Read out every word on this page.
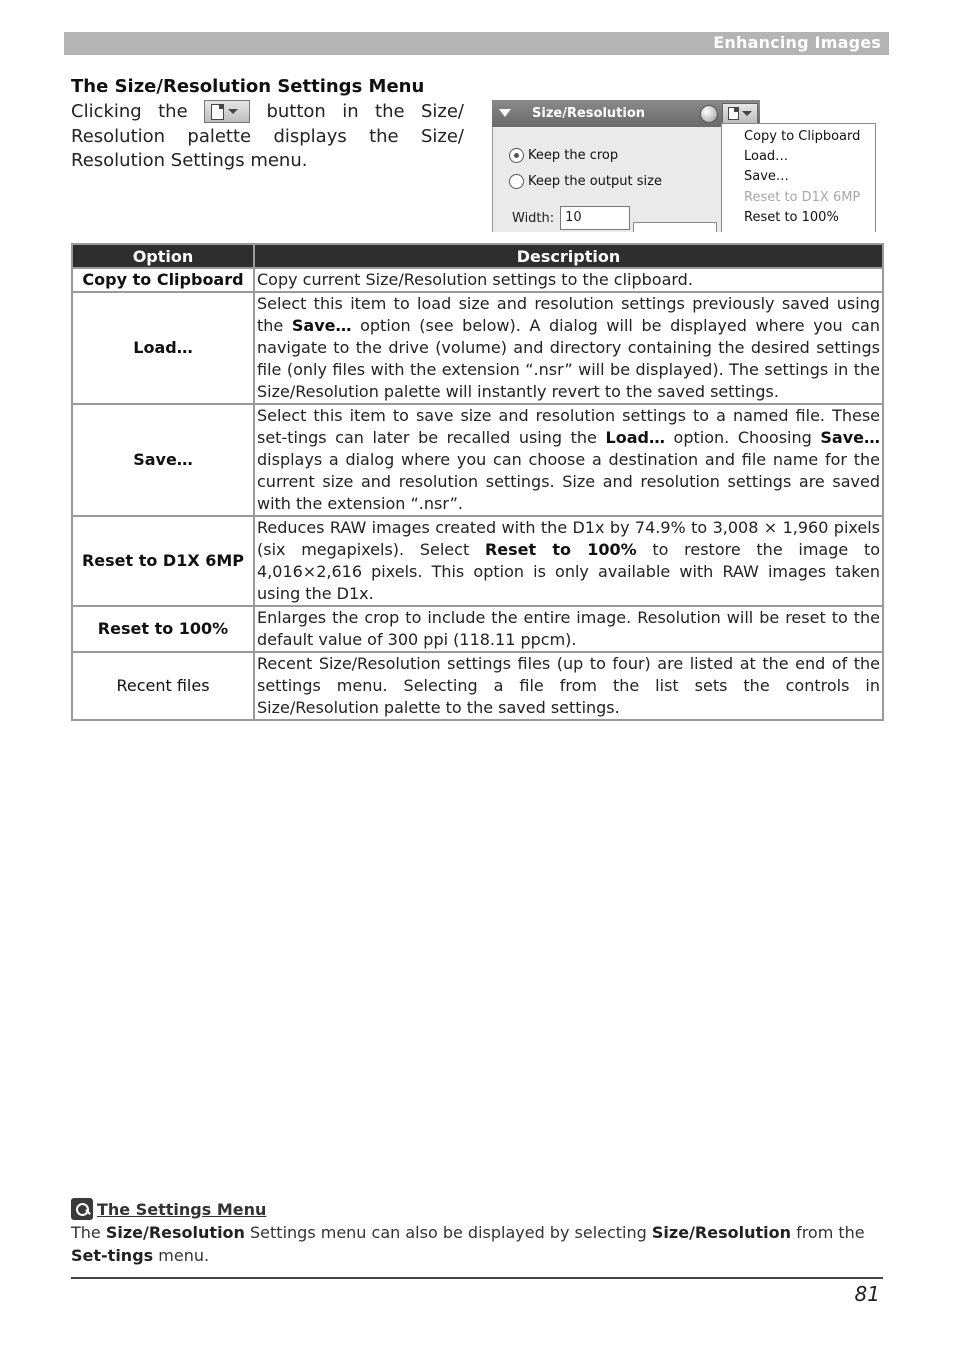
Enhancing Images
The Size/Resolution Settings Menu
Clicking the	button in the Size/
Resolution palette displays the Size/
Resolution Settings menu.	Keep the crop
Keep the output size
Width: 10
Size/Resolution
Copy to Clipboard
Load…
Save…
Reset to D1X 6MP
Reset to 100%
Option	Description
Copy to Clipboard	Copy current Size/Resolution settings to the clipboard.
Load…	Select this item to load size and resolution settings previously saved using the Save… option (see below). A dialog will be displayed where you can navigate to the drive (volume) and directory containing the desired settings file (only files with the extension “.nsr” will be displayed). The settings in the Size/Resolution palette will instantly revert to the saved settings.
Save…	Select this item to save size and resolution settings to a named file. These set-tings can later be recalled using the Load… option. Choosing Save… displays a dialog where you can choose a destination and file name for the current size and resolution settings. Size and resolution settings are saved with the extension “.nsr”.
Reset to D1X 6MP	Reduces RAW images created with the D1x by 74.9% to 3,008 × 1,960 pixels (six megapixels). Select Reset to 100% to restore the image to 4,016×2,616 pixels. This option is only available with RAW images taken using the D1x.
Reset to 100%	Enlarges the crop to include the entire image. Resolution will be reset to the default value of 300 ppi (118.11 ppcm).
Recent files	Recent Size/Resolution settings files (up to four) are listed at the end of the settings menu. Selecting a file from the list sets the controls in Size/Resolution palette to the saved settings.
The Settings Menu
The Size/Resolution Settings menu can also be displayed by selecting Size/Resolution from the Set-tings menu.
81
